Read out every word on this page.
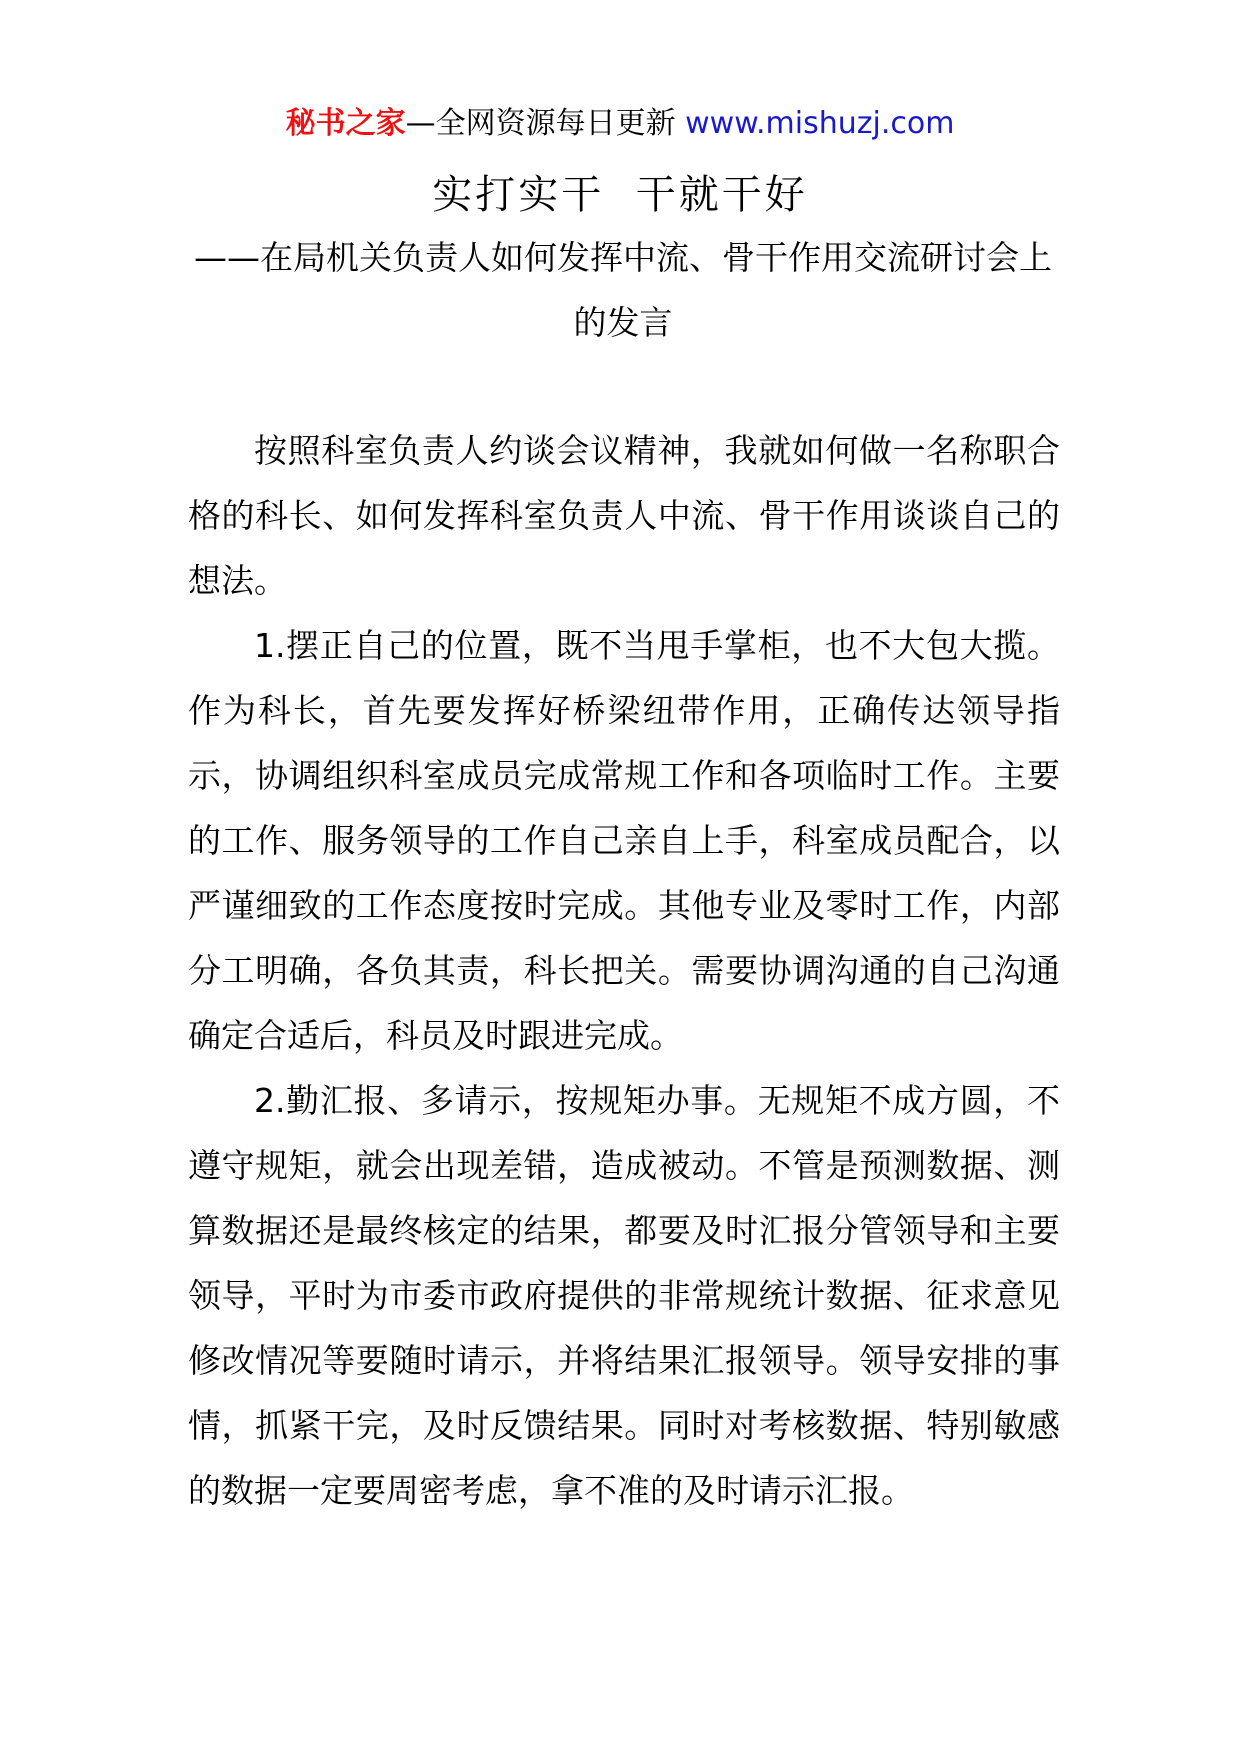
秘书之家—全网资源每日更新 www.mishuzj.com
实打实干  干就干好
——在局机关负责人如何发挥中流、骨干作用交流研讨会上的发言

按照科室负责人约谈会议精神，我就如何做一名称职合格的科长、如何发挥科室负责人中流、骨干作用谈谈自己的想法。

1.摆正自己的位置，既不当甩手掌柜，也不大包大揽。作为科长，首先要发挥好桥梁纽带作用，正确传达领导指示，协调组织科室成员完成常规工作和各项临时工作。主要的工作、服务领导的工作自己亲自上手，科室成员配合，以严谨细致的工作态度按时完成。其他专业及零时工作，内部分工明确，各负其责，科长把关。需要协调沟通的自己沟通确定合适后，科员及时跟进完成。

2.勤汇报、多请示，按规矩办事。无规矩不成方圆，不遵守规矩，就会出现差错，造成被动。不管是预测数据、测算数据还是最终核定的结果，都要及时汇报分管领导和主要领导，平时为市委市政府提供的非常规统计数据、征求意见修改情况等要随时请示，并将结果汇报领导。领导安排的事情，抓紧干完，及时反馈结果。同时对考核数据、特别敏感的数据一定要周密考虑，拿不准的及时请示汇报。
